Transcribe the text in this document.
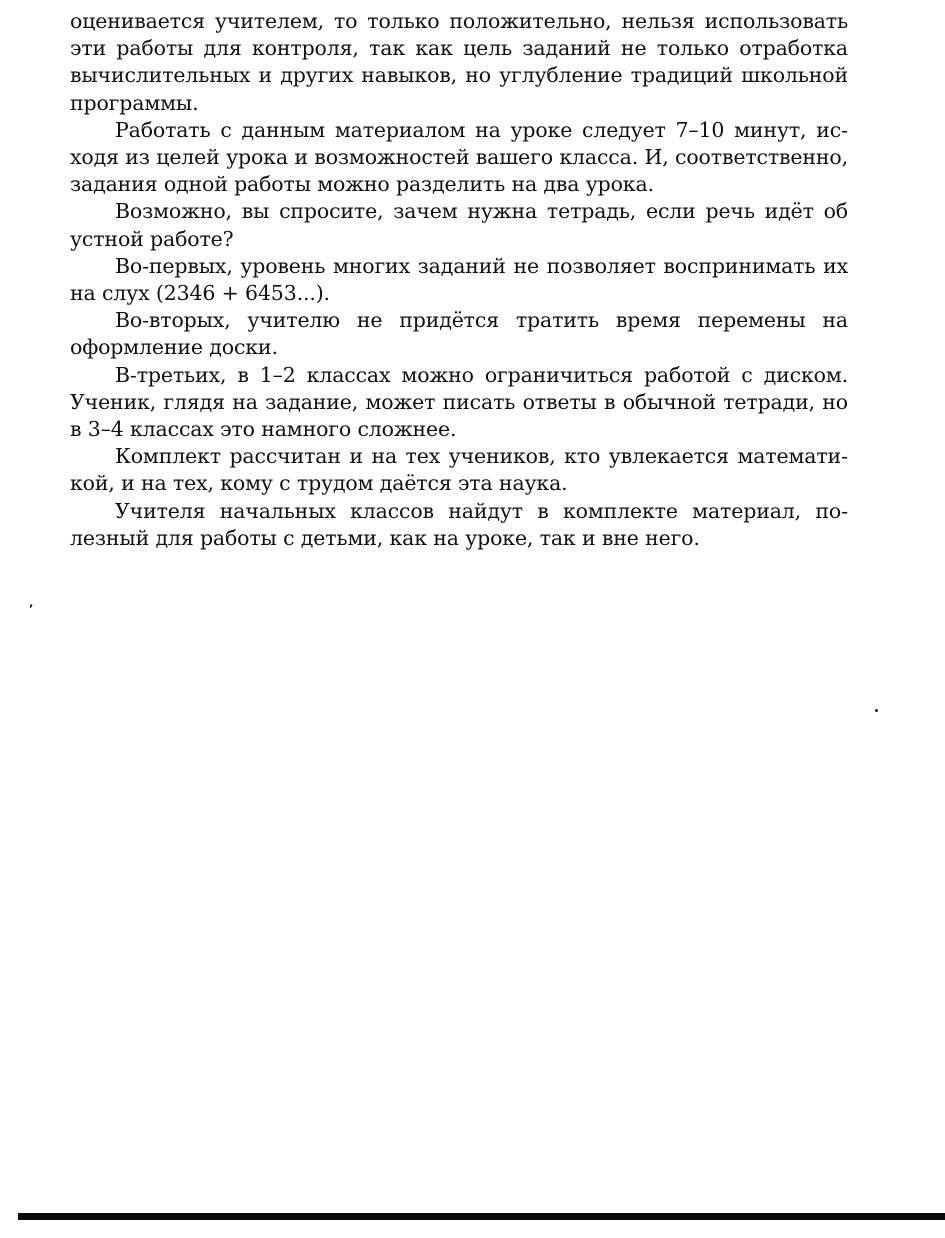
оценивается учителем, то только положительно, нельзя использовать эти работы для контроля, так как цель заданий не только отработка вычислительных и других навыков, но углубление традиций школьной программы.

Работать с данным материалом на уроке следует 7–10 минут, исходя из целей урока и возможностей вашего класса. И, соответственно, задания одной работы можно разделить на два урока.

Возможно, вы спросите, зачем нужна тетрадь, если речь идёт об устной работе?

Во-первых, уровень многих заданий не позволяет воспринимать их на слух (2346 + 6453...).

Во-вторых, учителю не придётся тратить время перемены на оформление доски.

В-третьих, в 1–2 классах можно ограничиться работой с диском. Ученик, глядя на задание, может писать ответы в обычной тетради, но в 3–4 классах это намного сложнее.

Комплект рассчитан и на тех учеников, кто увлекается математикой, и на тех, кому с трудом даётся эта наука.

Учителя начальных классов найдут в комплекте материал, полезный для работы с детьми, как на уроке, так и вне него.
